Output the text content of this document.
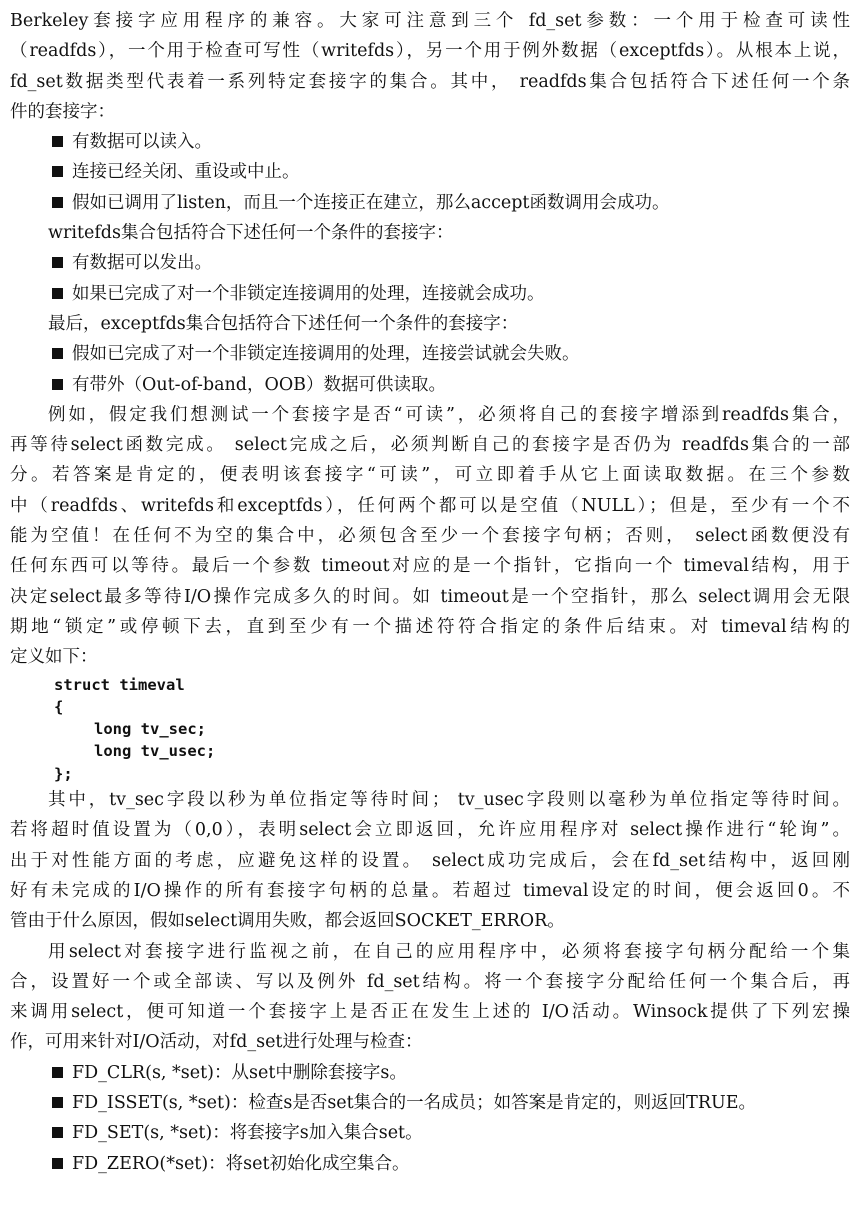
Berkeley套接字应用程序的兼容。大家可注意到三个 fd_set参数：一个用于检查可读性
（readfds），一个用于检查可写性（writefds），另一个用于例外数据（exceptfds）。从根本上说，
fd_set数据类型代表着一系列特定套接字的集合。其中， readfds集合包括符合下述任何一个条
件的套接字：
有数据可以读入。
连接已经关闭、重设或中止。
假如已调用了listen，而且一个连接正在建立，那么accept函数调用会成功。
writefds集合包括符合下述任何一个条件的套接字：
有数据可以发出。
如果已完成了对一个非锁定连接调用的处理，连接就会成功。
最后，exceptfds集合包括符合下述任何一个条件的套接字：
假如已完成了对一个非锁定连接调用的处理，连接尝试就会失败。
有带外（Out-of-band，OOB）数据可供读取。
例如，假定我们想测试一个套接字是否“可读”，必须将自己的套接字增添到readfds集合，
再等待select函数完成。 select完成之后，必须判断自己的套接字是否仍为 readfds集合的一部
分。若答案是肯定的，便表明该套接字“可读”，可立即着手从它上面读取数据。在三个参数
中（readfds、writefds和exceptfds），任何两个都可以是空值（NULL）；但是，至少有一个不
能为空值！在任何不为空的集合中，必须包含至少一个套接字句柄；否则， select函数便没有
任何东西可以等待。最后一个参数 timeout对应的是一个指针，它指向一个 timeval结构，用于
决定select最多等待I/O操作完成多久的时间。如 timeout是一个空指针，那么 select调用会无限
期地“锁定”或停顿下去，直到至少有一个描述符符合指定的条件后结束。对 timeval结构的
定义如下：
struct timeval
{
long tv_sec;
long tv_usec;
};
其中，tv_sec字段以秒为单位指定等待时间； tv_usec字段则以毫秒为单位指定等待时间。
若将超时值设置为（0,0），表明select会立即返回，允许应用程序对 select操作进行“轮询”。
出于对性能方面的考虑，应避免这样的设置。 select成功完成后，会在fd_set结构中，返回刚
好有未完成的I/O操作的所有套接字句柄的总量。若超过 timeval设定的时间，便会返回0。不
管由于什么原因，假如select调用失败，都会返回SOCKET_ERROR。
用select对套接字进行监视之前，在自己的应用程序中，必须将套接字句柄分配给一个集
合，设置好一个或全部读、写以及例外 fd_set结构。将一个套接字分配给任何一个集合后，再
来调用select，便可知道一个套接字上是否正在发生上述的 I/O活动。Winsock提供了下列宏操
作，可用来针对I/O活动，对fd_set进行处理与检查：
FD_CLR(s, *set)：从set中删除套接字s。
FD_ISSET(s, *set)：检查s是否set集合的一名成员；如答案是肯定的，则返回TRUE。
FD_SET(s, *set)：将套接字s加入集合set。
FD_ZERO(*set)：将set初始化成空集合。
